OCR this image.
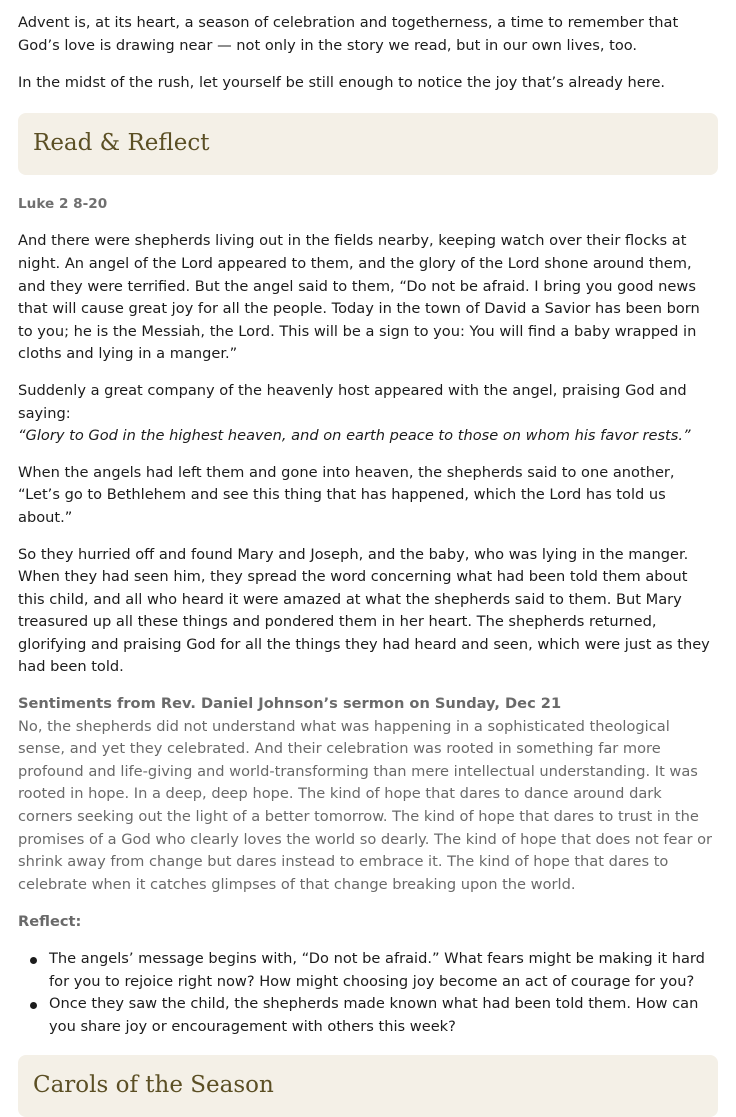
Advent is, at its heart, a season of celebration and togetherness, a time to remember that God’s love is drawing near — not only in the story we read, but in our own lives, too.

In the midst of the rush, let yourself be still enough to notice the joy that’s already here.

Read & Reflect
Luke 2 8-20

And there were shepherds living out in the fields nearby, keeping watch over their flocks at night. An angel of the Lord appeared to them, and the glory of the Lord shone around them, and they were terrified. But the angel said to them, “Do not be afraid. I bring you good news that will cause great joy for all the people. Today in the town of David a Savior has been born to you; he is the Messiah, the Lord. This will be a sign to you: You will find a baby wrapped in cloths and lying in a manger.”

Suddenly a great company of the heavenly host appeared with the angel, praising God and saying:
“Glory to God in the highest heaven, and on earth peace to those on whom his favor rests.”

When the angels had left them and gone into heaven, the shepherds said to one another, “Let’s go to Bethlehem and see this thing that has happened, which the Lord has told us about.”

So they hurried off and found Mary and Joseph, and the baby, who was lying in the manger. When they had seen him, they spread the word concerning what had been told them about this child, and all who heard it were amazed at what the shepherds said to them. But Mary treasured up all these things and pondered them in her heart. The shepherds returned, glorifying and praising God for all the things they had heard and seen, which were just as they had been told.

Sentiments from Rev. Daniel Johnson’s sermon on Sunday, Dec 21
No, the shepherds did not understand what was happening in a sophisticated theological sense, and yet they celebrated. And their celebration was rooted in something far more profound and life-giving and world-transforming than mere intellectual understanding. It was rooted in hope. In a deep, deep hope. The kind of hope that dares to dance around dark corners seeking out the light of a better tomorrow. The kind of hope that dares to trust in the promises of a God who clearly loves the world so dearly. The kind of hope that does not fear or shrink away from change but dares instead to embrace it. The kind of hope that dares to celebrate when it catches glimpses of that change breaking upon the world.
Reflect:
The angels’ message begins with, “Do not be afraid.” What fears might be making it hard for you to rejoice right now? How might choosing joy become an act of courage for you?
Once they saw the child, the shepherds made known what had been told them. How can you share joy or encouragement with others this week?
Carols of the Season
